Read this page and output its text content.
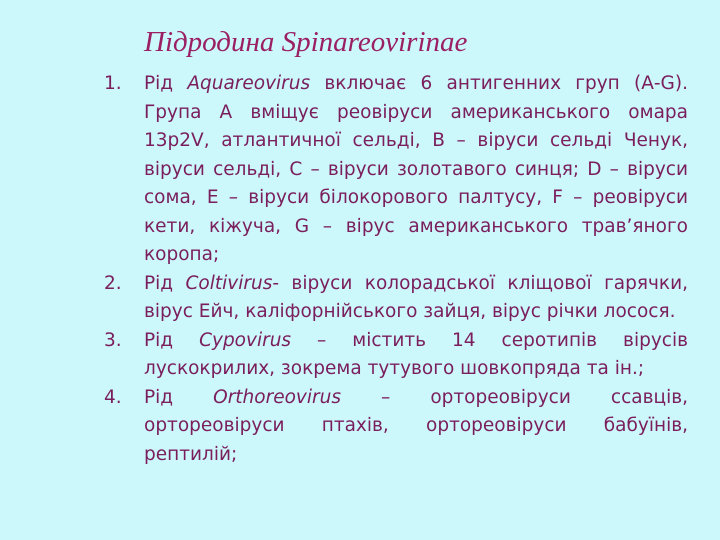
Підродина Spinareovirinae
1. Рід Aquareovirus включає 6 антигенних груп (А-G). Група А вміщує реовіруси американського омара 13р2V, атлантичної сельді, В – віруси сельді Ченук, віруси сельді, С – віруси золотавого синця; D – віруси сома, Е – віруси білокорового палтусу, F – реовіруси кети, кіжуча, G – вірус американського трав’яного коропа;
2. Рід Coltivirus- віруси колорадської кліщової гарячки, вірус Ейч, каліфорнійського зайця, вірус річки лосося.
3. Рід Cypovirus – містить 14 серотипів вірусів лускокрилих, зокрема тутувого шовкопряда та ін.;
4. Рід Orthoreovirus – ортореовіруси ссавців, ортореовіруси птахів, ортореовіруси бабуїнів, рептилій;
